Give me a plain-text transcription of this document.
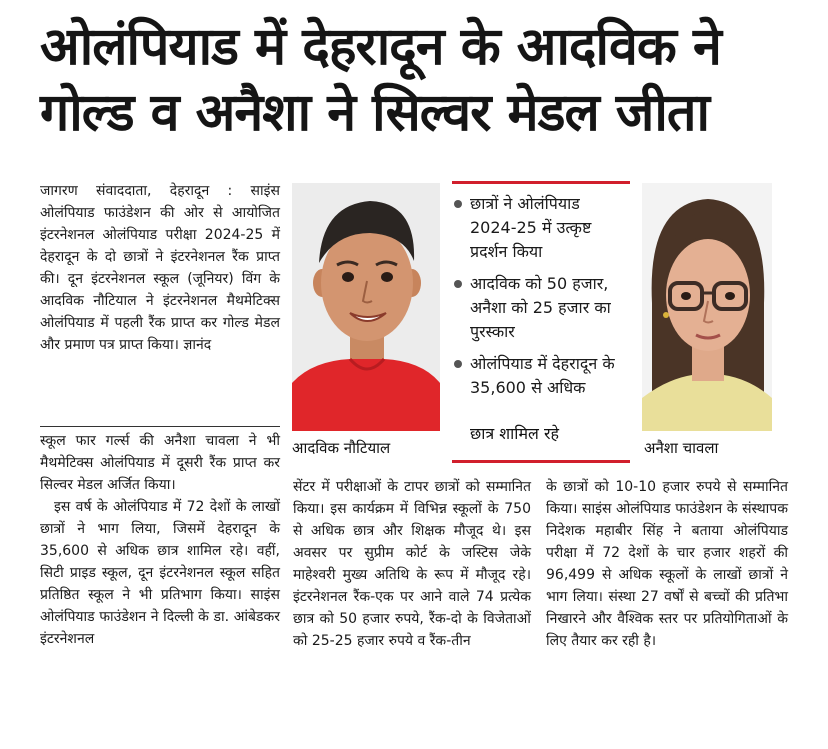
ओलंपियाड में देहरादून के आदविक ने
गोल्ड व अनैशा ने सिल्वर मेडल जीता

जागरण संवाददाता, देहरादून : साइंस ओलंपियाड फाउंडेशन की ओर से आयोजित इंटरनेशनल ओलंपियाड परीक्षा 2024-25 में देहरादून के दो छात्रों ने इंटरनेशनल रैंक प्राप्त की। दून इंटरनेशनल स्कूल (जूनियर) विंग के आदविक नौटियाल ने इंटरनेशनल मैथमेटिक्स ओलंपियाड में पहली रैंक प्राप्त कर गोल्ड मेडल और प्रमाण पत्र प्राप्त किया। ज्ञानंद

स्कूल फार गर्ल्स की अनैशा चावला ने भी मैथमेटिक्स ओलंपियाड में दूसरी रैंक प्राप्त कर सिल्वर मेडल अर्जित किया।

इस वर्ष के ओलंपियाड में 72 देशों के लाखों छात्रों ने भाग लिया, जिसमें देहरादून के 35,600 से अधिक छात्र शामिल रहे। वहीं, सिटी प्राइड स्कूल, दून इंटरनेशनल स्कूल सहित प्रतिष्ठित स्कूल ने भी प्रतिभाग किया। साइंस ओलंपियाड फाउंडेशन ने दिल्ली के डा. आंबेडकर इंटरनेशनल

आदविक नौटियाल
छात्रों ने ओलंपियाड 2024-25 में उत्कृष्ट प्रदर्शन किया
आदविक को 50 हजार, अनैशा को 25 हजार का पुरस्कार
ओलंपियाड में देहरादून के 35,600 से अधिक
छात्र शामिल रहे
अनैशा चावला

सेंटर में परीक्षाओं के टापर छात्रों को सम्मानित किया। इस कार्यक्रम में विभिन्न स्कूलों के 750 से अधिक छात्र और शिक्षक मौजूद थे। इस अवसर पर सुप्रीम कोर्ट के जस्टिस जेके माहेश्वरी मुख्य अतिथि के रूप में मौजूद रहे। इंटरनेशनल रैंक-एक पर आने वाले 74 प्रत्येक छात्र को 50 हजार रुपये, रैंक-दो के विजेताओं को 25-25 हजार रुपये व रैंक-तीन

के छात्रों को 10-10 हजार रुपये से सम्मानित किया। साइंस ओलंपियाड फाउंडेशन के संस्थापक निदेशक महाबीर सिंह ने बताया ओलंपियाड परीक्षा में 72 देशों के चार हजार शहरों की 96,499 से अधिक स्कूलों के लाखों छात्रों ने भाग लिया। संस्था 27 वर्षों से बच्चों की प्रतिभा निखारने और वैश्विक स्तर पर प्रतियोगिताओं के लिए तैयार कर रही है।
